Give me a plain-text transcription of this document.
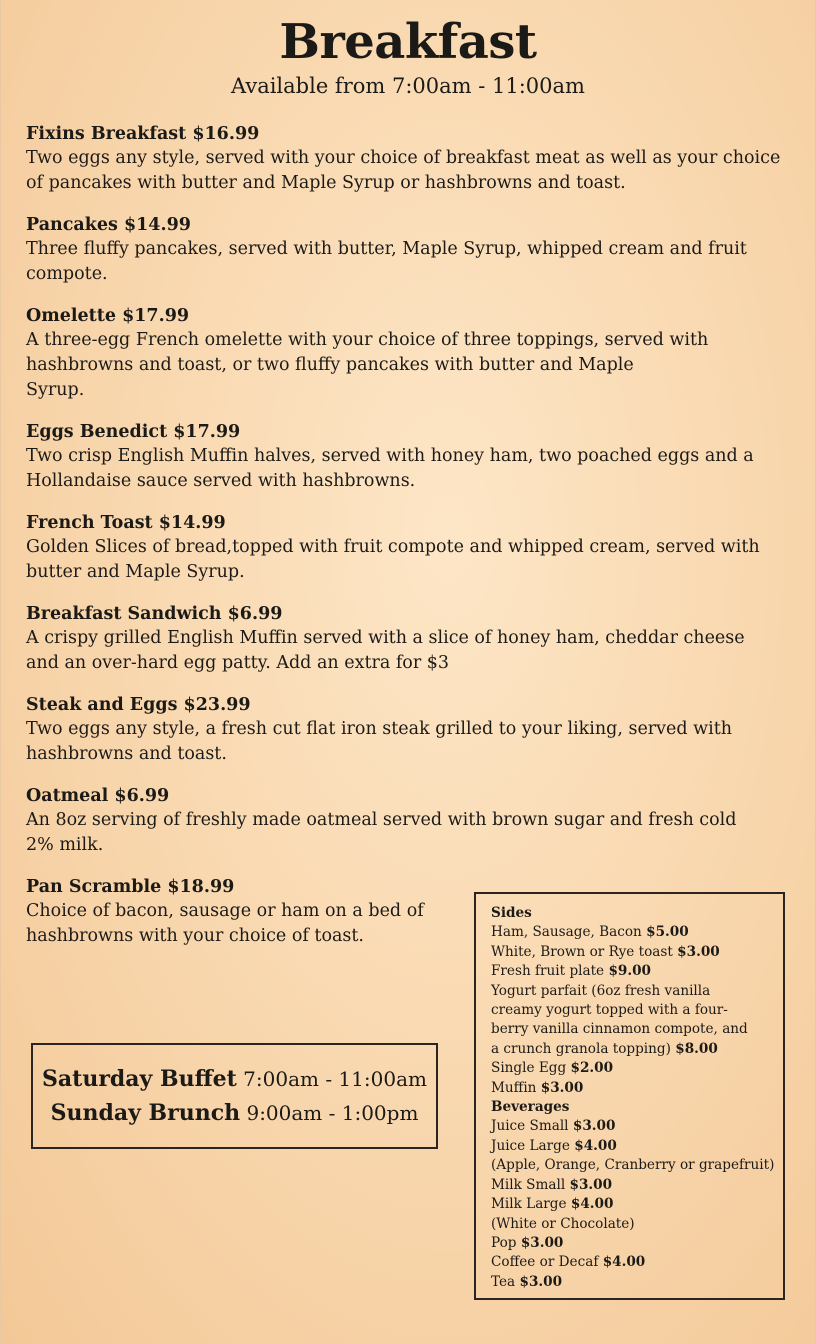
Breakfast
Available from 7:00am - 11:00am
Fixins Breakfast $16.99
Two eggs any style, served with your choice of breakfast meat as well as your choice
of pancakes with butter and Maple Syrup or hashbrowns and toast.
Pancakes $14.99
Three fluffy pancakes, served with butter, Maple Syrup, whipped cream and fruit
compote.
Omelette $17.99
A three-egg French omelette with your choice of three toppings, served with
hashbrowns and toast, or two fluffy pancakes with butter and Maple
Syrup.
Eggs Benedict $17.99
Two crisp English Muffin halves, served with honey ham, two poached eggs and a
Hollandaise sauce served with hashbrowns.
French Toast $14.99
Golden Slices of bread,topped with fruit compote and whipped cream, served with
butter and Maple Syrup.
Breakfast Sandwich $6.99
A crispy grilled English Muffin served with a slice of honey ham, cheddar cheese
and an over-hard egg patty. Add an extra for $3
Steak and Eggs $23.99
Two eggs any style, a fresh cut flat iron steak grilled to your liking, served with
hashbrowns and toast.
Oatmeal $6.99
An 8oz serving of freshly made oatmeal served with brown sugar and fresh cold
2% milk.
Pan Scramble $18.99
Choice of bacon, sausage or ham on a bed of
hashbrowns with your choice of toast.
Saturday Buffet 7:00am - 11:00am
Sunday Brunch 9:00am - 1:00pm
Sides
Ham, Sausage, Bacon $5.00
White, Brown or Rye toast $3.00
Fresh fruit plate $9.00
Yogurt parfait (6oz fresh vanilla
creamy yogurt topped with a four-
berry vanilla cinnamon compote, and
a crunch granola topping) $8.00
Single Egg $2.00
Muffin $3.00
Beverages
Juice Small $3.00
Juice Large $4.00
(Apple, Orange, Cranberry or grapefruit)
Milk Small $3.00
Milk Large $4.00
(White or Chocolate)
Pop $3.00
Coffee or Decaf $4.00
Tea $3.00
